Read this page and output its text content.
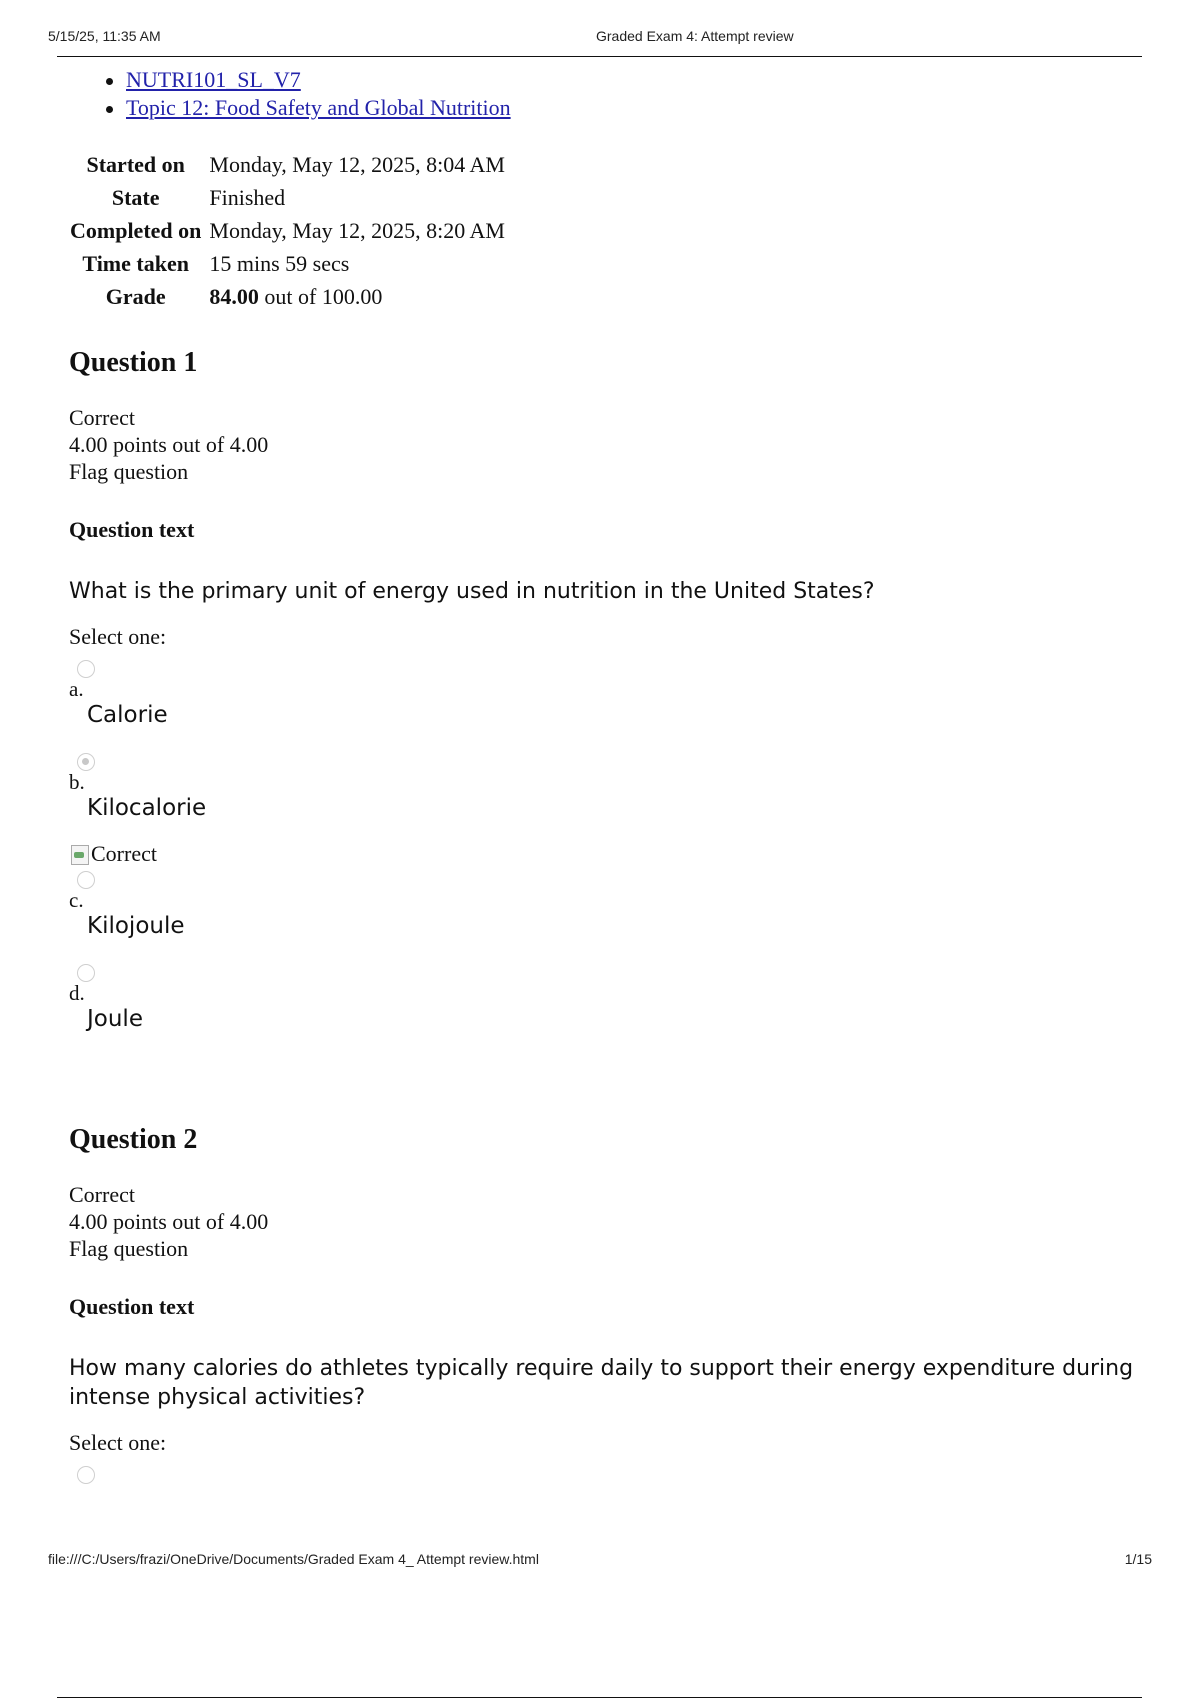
5/15/25, 11:35 AM	Graded Exam 4: Attempt review
NUTRI101_SL_V7
Topic 12: Food Safety and Global Nutrition
Started on	Monday, May 12, 2025, 8:04 AM
State	Finished
Completed on	Monday, May 12, 2025, 8:20 AM
Time taken	15 mins 59 secs
Grade	84.00 out of 100.00
Question 1
Correct
4.00 points out of 4.00
Flag question
Question text
What is the primary unit of energy used in nutrition in the United States?
Select one:
a.
Calorie
b.
Kilocalorie
Correct
c.
Kilojoule
d.
Joule
Question 2
Correct
4.00 points out of 4.00
Flag question
Question text
How many calories do athletes typically require daily to support their energy expenditure during intense physical activities?
Select one:
file:///C:/Users/frazi/OneDrive/Documents/Graded Exam 4_ Attempt review.html	1/15
